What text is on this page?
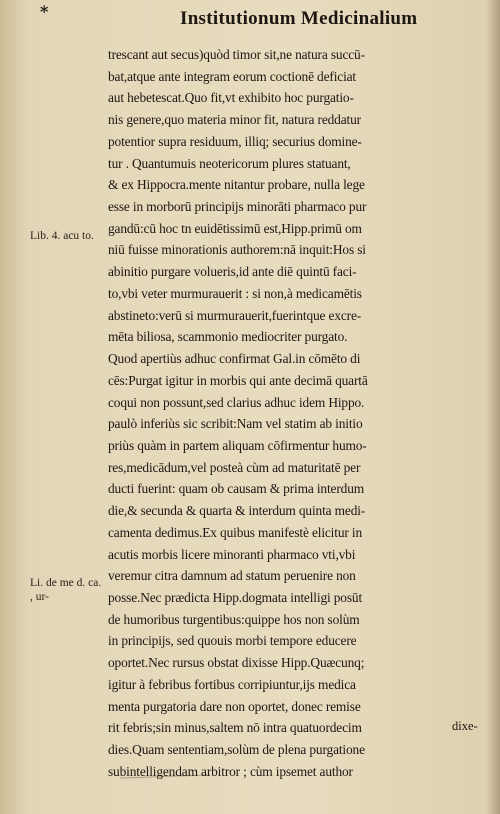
*	Institutionum Medicinalium
Lib. 4. acu to.
Li. de me d. ca. , ur-
trescant aut secus)quòd timor sit,ne natura succū-
bat,atque ante integram eorum coctionē deficiat
aut hebetescat.Quo fit,vt exhibito hoc purgatio-
nis genere,quo materia minor fit, natura reddatur
potentior supra residuum, illiq; securius domine-
tur . Quantumuis neotericorum plures statuant,
& ex Hippocra.mente nitantur probare, nulla lege
esse in morborū principijs minorāti pharmaco pur
gandū:cū hoc tn euidētissimū est,Hipp.primū om
niū fuisse minorationis authorem:nā inquit:Hos si
abinitio purgare volueris,id ante diē quintū faci-
to,vbi veter murmurauerit : si non,à medicamētis
abstineto:verū si murmurauerit,fuerintque excre-
mēta biliosa, scammonio mediocriter purgato.
Quod apertiùs adhuc confirmat Gal.in cōmēto di
cēs:Purgat igitur in morbis qui ante decimā quartā
coqui non possunt,sed clarius adhuc idem Hippo.
paulò inferiùs sic scribit:Nam vel statim ab initio
priùs quàm in partem aliquam cōfirmentur humo-
res,medicādum,vel posteà cùm ad maturitatē per
ducti fuerint: quam ob causam & prima interdum
die,& secunda & quarta & interdum quinta medi-
camenta dedimus.Ex quibus manifestè elicitur in
acutis morbis licere minoranti pharmaco vti,vbi
veremur citra damnum ad statum peruenire non
posse.Nec prædicta Hipp.dogmata intelligi posūt
de humoribus turgentibus:quippe hos non solùm
in principijs, sed quouis morbi tempore educere
oportet.Nec rursus obstat dixisse Hipp.Quæcunq;
igitur à febribus fortibus corripiuntur,ijs medica
menta purgatoria dare non oportet, donec remise
rit febris;sin minus,saltem nō intra quatuordecim
dies.Quam sententiam,solùm de plena purgatione
subintelligendam arbitror ; cùm ipsemet author
dixe-
